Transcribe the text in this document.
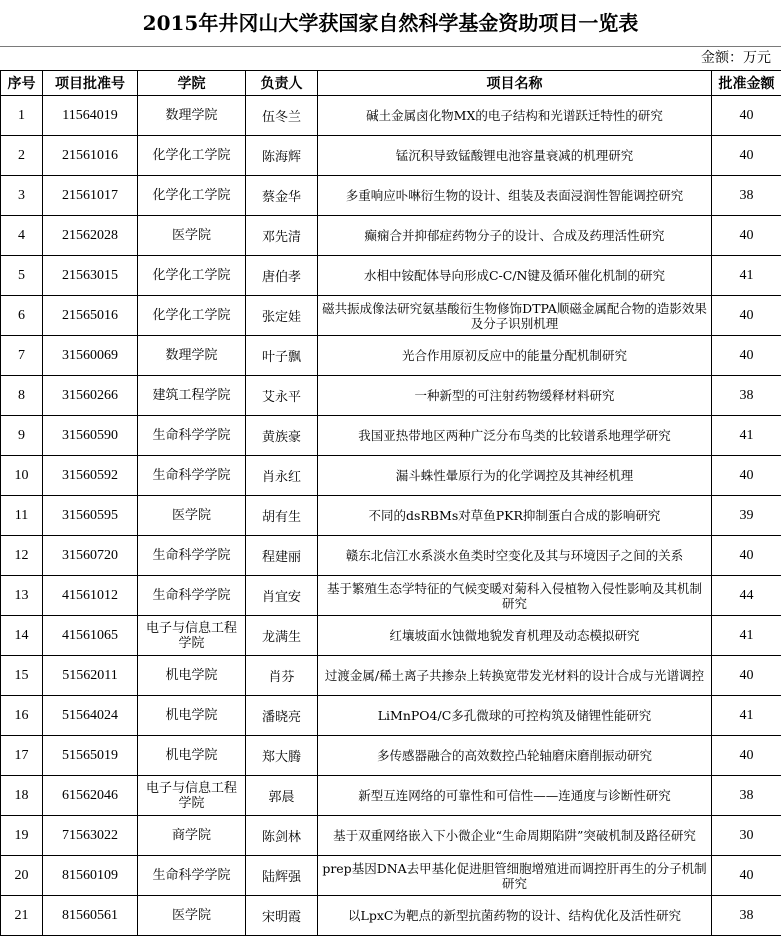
2015年井冈山大学获国家自然科学基金资助项目一览表
金额：万元
序号	项目批准号	学院	负责人	项目名称	批准金额
1	11564019	数理学院	伍冬兰	碱土金属卤化物MX的电子结构和光谱跃迁特性的研究	40
2	21561016	化学化工学院	陈海辉	锰沉积导致锰酸锂电池容量衰减的机理研究	40
3	21561017	化学化工学院	蔡金华	多重响应卟啉衍生物的设计、组装及表面浸润性智能调控研究	38
4	21562028	医学院	邓先清	癫痫合并抑郁症药物分子的设计、合成及药理活性研究	40
5	21563015	化学化工学院	唐伯孝	水相中铵配体导向形成C-C/N键及循环催化机制的研究	41
6	21565016	化学化工学院	张定娃	磁共振成像法研究氨基酸衍生物修饰DTPA顺磁金属配合物的造影效果及分子识别机理	40
7	31560069	数理学院	叶子飘	光合作用原初反应中的能量分配机制研究	40
8	31560266	建筑工程学院	艾永平	一种新型的可注射药物缓释材料研究	38
9	31560590	生命科学学院	黄族豪	我国亚热带地区两种广泛分布鸟类的比较谱系地理学研究	41
10	31560592	生命科学学院	肖永红	漏斗蛛性暈原行为的化学调控及其神经机理	40
11	31560595	医学院	胡有生	不同的dsRBMs对草鱼PKR抑制蛋白合成的影响研究	39
12	31560720	生命科学学院	程建丽	赣东北信江水系淡水鱼类时空变化及其与环境因子之间的关系	40
13	41561012	生命科学学院	肖宜安	基于繁殖生态学特征的气候变暖对菊科入侵植物入侵性影响及其机制研究	44
14	41561065	电子与信息工程学院	龙满生	红壤坡面水蚀微地貌发育机理及动态模拟研究	41
15	51562011	机电学院	肖芬	过渡金属/稀土离子共掺杂上转换宽带发光材料的设计合成与光谱调控	40
16	51564024	机电学院	潘晓亮	LiMnPO4/C多孔微球的可控构筑及储锂性能研究	41
17	51565019	机电学院	郑大腾	多传感器融合的高效数控凸轮轴磨床磨削振动研究	40
18	61562046	电子与信息工程学院	郭晨	新型互连网络的可靠性和可信性——连通度与诊断性研究	38
19	71563022	商学院	陈剑林	基于双重网络嵌入下小微企业“生命周期陷阱”突破机制及路径研究	30
20	81560109	生命科学学院	陆辉强	prep基因DNA去甲基化促进胆管细胞增殖进而调控肝再生的分子机制研究	40
21	81560561	医学院	宋明霞	以LpxC为靶点的新型抗菌药物的设计、结构优化及活性研究	38
